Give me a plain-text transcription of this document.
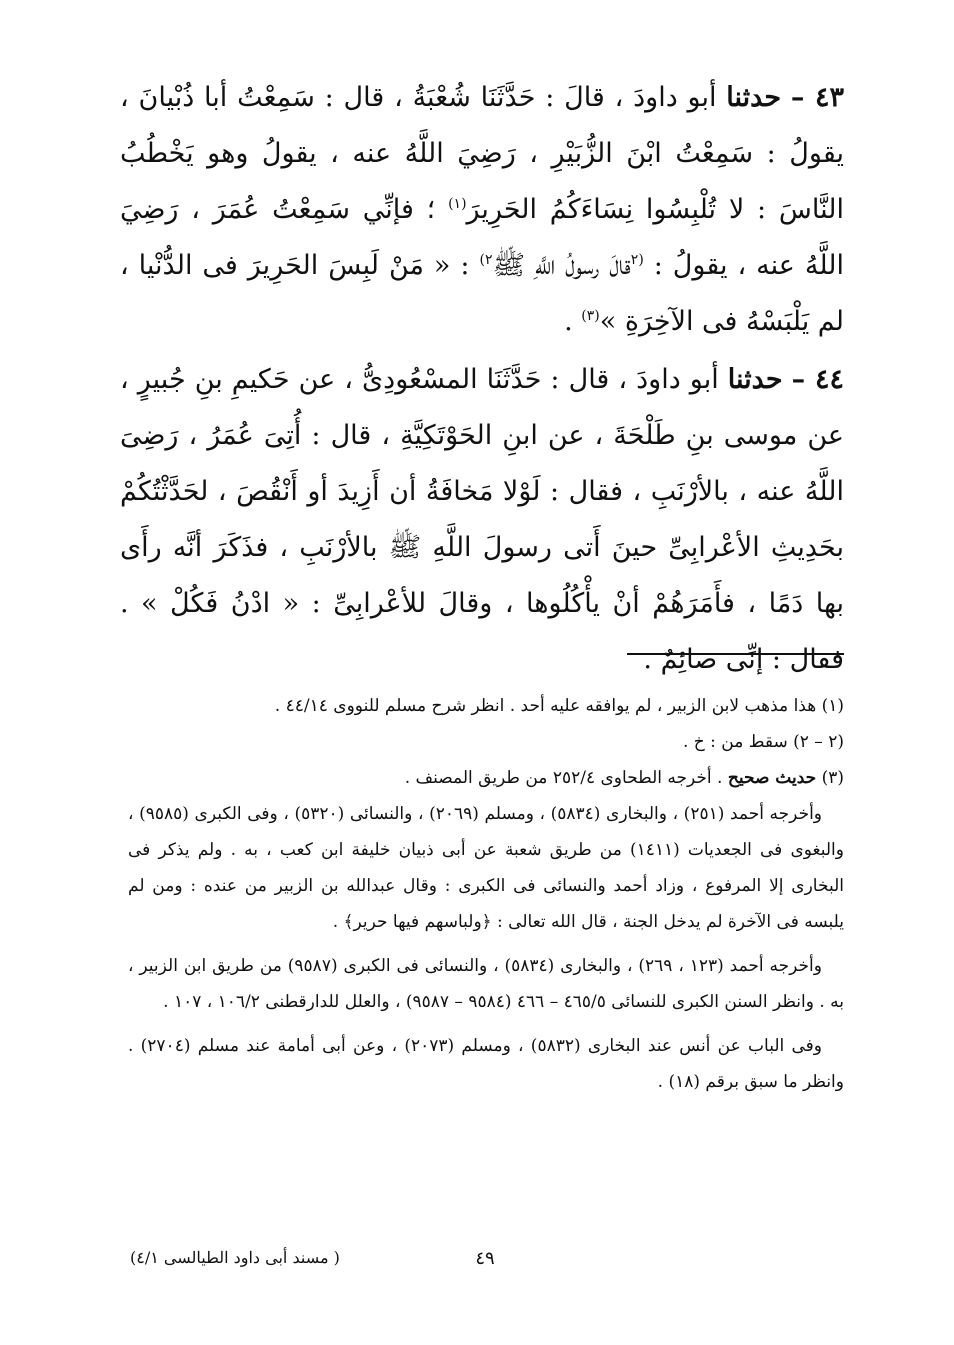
٤٣ – حدثنا أبو داودَ ، قالَ : حَدَّثَنَا شُعْبَةُ ، قال : سَمِعْتُ أبا ذُبْيانَ ، يقولُ : سَمِعْتُ ابْنَ الزُّبَيْرِ ، رَضِيَ اللَّهُ عنه ، يقولُ وهو يَخْطُبُ النَّاسَ : لا تُلْبِسُوا نِسَاءَكُمُ الحَرِيرَ$^{(١)}$ ؛ فإنِّي سَمِعْتُ عُمَرَ ، رَضِيَ اللَّهُ عنه ، يقولُ : $^{(٢}$قالَ رسولُ اللَّهِ ﷺ$^{٢)}$ : « مَنْ لَبِسَ الحَرِيرَ فى الدُّنْيا ، لم يَلْبَسْهُ فى الآخِرَةِ »$^{(٣)}$ .

٤٤ – حدثنا أبو داودَ ، قال : حَدَّثَنَا المسْعُودِىُّ ، عن حَكيمِ بنِ جُبيرٍ ، عن موسى بنِ طَلْحَةَ ، عن ابنِ الحَوْتَكِيَّةِ ، قال : أُتِىَ عُمَرُ ، رَضِىَ اللَّهُ عنه ، بالأرْنَبِ ، فقال : لَوْلا مَخافَةُ أن أَزِيدَ أو أَنْقُصَ ، لحَدَّثْتُكُمْ بحَدِيثِ الأعْرابِىِّ حينَ أَتى رسولَ اللَّهِ ﷺ بالأرْنَبِ ، فذَكَرَ أنَّه رأَى بها دَمًا ، فأَمَرَهُمْ أنْ يأْكُلُوها ، وقالَ للأعْرابِىِّ : « ادْنُ فَكُلْ » . فقال : إنِّى صائِمٌ .

(١) هذا مذهب لابن الزبير ، لم يوافقه عليه أحد . انظر شرح مسلم للنووى ٤٤/١٤ .

(٢ – ٢) سقط من : خ .

(٣) حديث صحيح . أخرجه الطحاوى ٢٥٢/٤ من طريق المصنف .

وأخرجه أحمد (٢٥١) ، والبخارى (٥٨٣٤) ، ومسلم (٢٠٦٩) ، والنسائى (٥٣٢٠) ، وفى الكبرى (٩٥٨٥) ، والبغوى فى الجعديات (١٤١١) من طريق شعبة عن أبى ذبيان خليفة ابن كعب ، به . ولم يذكر فى البخارى إلا المرفوع ، وزاد أحمد والنسائى فى الكبرى : وقال عبدالله بن الزبير من عنده : ومن لم يلبسه فى الآخرة لم يدخل الجنة ، قال الله تعالى : ﴿ولباسهم فيها حرير﴾ .

وأخرجه أحمد (١٢٣ ، ٢٦٩) ، والبخارى (٥٨٣٤) ، والنسائى فى الكبرى (٩٥٨٧) من طريق ابن الزبير ، به . وانظر السنن الكبرى للنسائى ٤٦٥/٥ – ٤٦٦ (٩٥٨٤ – ٩٥٨٧) ، والعلل للدارقطنى ١٠٦/٢ ، ١٠٧ .

وفى الباب عن أنس عند البخارى (٥٨٣٢) ، ومسلم (٢٠٧٣) ، وعن أبى أمامة عند مسلم (٢٧٠٤) . وانظر ما سبق برقم (١٨) .

٤٩
( مسند أبى داود الطيالسى ٤/١)
